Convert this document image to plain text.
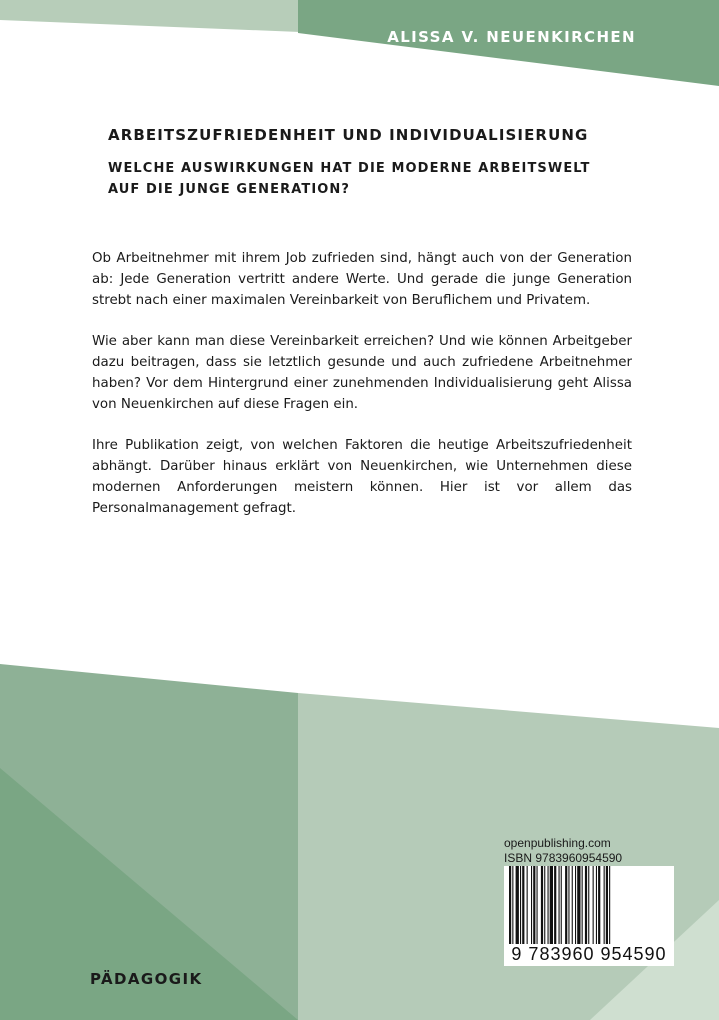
ALISSA V. NEUENKIRCHEN
ARBEITSZUFRIEDENHEIT UND INDIVIDUALISIERUNG
WELCHE AUSWIRKUNGEN HAT DIE MODERNE ARBEITSWELT
AUF DIE JUNGE GENERATION?

Ob Arbeitnehmer mit ihrem Job zufrieden sind, hängt auch von der Generation ab: Jede Generation vertritt andere Werte. Und gerade die junge Generation strebt nach einer maximalen Vereinbarkeit von Beruflichem und Privatem.

Wie aber kann man diese Vereinbarkeit erreichen? Und wie können Arbeitgeber dazu beitragen, dass sie letztlich gesunde und auch zufriedene Arbeitnehmer haben? Vor dem Hintergrund einer zunehmenden Individualisierung geht Alissa von Neuenkirchen auf diese Fragen ein.

Ihre Publikation zeigt, von welchen Faktoren die heutige Arbeitszufriedenheit abhängt. Darüber hinaus erklärt von Neuenkirchen, wie Unternehmen diese modernen Anforderungen meistern können. Hier ist vor allem das Personalmanagement gefragt.

openpublishing.com
ISBN 9783960954590
9 783960 954590
PÄDAGOGIK
